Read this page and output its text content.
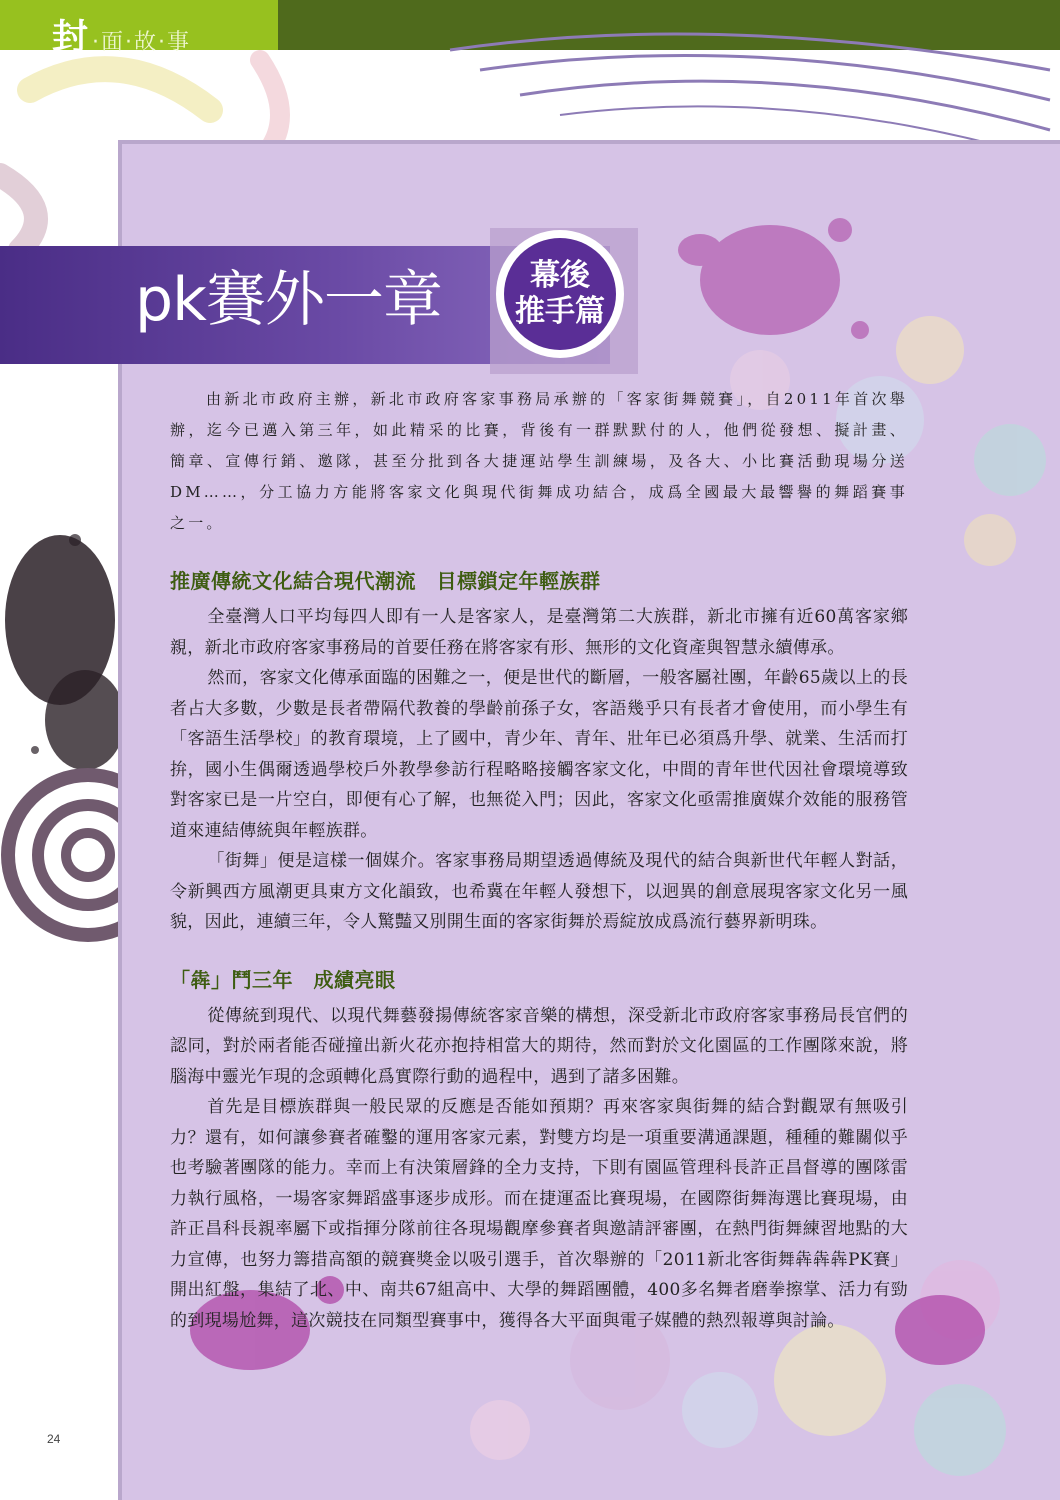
pk賽外一章	幕後
推手篇
封 ·面·故·事

由新北市政府主辦，新北市政府客家事務局承辦的「客家街舞競賽」，自2011年首次舉辦，迄今已邁入第三年，如此精采的比賽，背後有一群默默付的人，他們從發想、擬計畫、簡章、宣傳行銷、邀隊，甚至分批到各大捷運站學生訓練場，及各大、小比賽活動現場分送DM……，分工協力方能將客家文化與現代街舞成功結合，成爲全國最大最響譽的舞蹈賽事之一。

推廣傳統文化結合現代潮流　目標鎖定年輕族群

全臺灣人口平均每四人即有一人是客家人，是臺灣第二大族群，新北市擁有近60萬客家鄉親，新北市政府客家事務局的首要任務在將客家有形、無形的文化資產與智慧永續傳承。

然而，客家文化傳承面臨的困難之一，便是世代的斷層，一般客屬社團，年齡65歲以上的長者占大多數，少數是長者帶隔代教養的學齡前孫子女，客語幾乎只有長者才會使用，而小學生有「客語生活學校」的教育環境，上了國中，青少年、青年、壯年已必須爲升學、就業、生活而打拚，國小生偶爾透過學校戶外教學參訪行程略略接觸客家文化，中間的青年世代因社會環境導致對客家已是一片空白，即便有心了解，也無從入門；因此，客家文化亟需推廣媒介效能的服務管道來連結傳統與年輕族群。

「街舞」便是這樣一個媒介。客家事務局期望透過傳統及現代的結合與新世代年輕人對話，令新興西方風潮更具東方文化韻致，也希冀在年輕人發想下，以迥異的創意展現客家文化另一風貌，因此，連續三年，令人驚豔又別開生面的客家街舞於焉綻放成爲流行藝界新明珠。

「犇」鬥三年　成績亮眼

從傳統到現代、以現代舞藝發揚傳統客家音樂的構想，深受新北市政府客家事務局長官們的認同，對於兩者能否碰撞出新火花亦抱持相當大的期待，然而對於文化園區的工作團隊來說，將腦海中靈光乍現的念頭轉化爲實際行動的過程中，遇到了諸多困難。

首先是目標族群與一般民眾的反應是否能如預期？再來客家與街舞的結合對觀眾有無吸引力？還有，如何讓參賽者確鑿的運用客家元素，對雙方均是一項重要溝通課題，種種的難關似乎也考驗著團隊的能力。幸而上有決策層鋒的全力支持，下則有園區管理科長許正昌督導的團隊雷力執行風格，一場客家舞蹈盛事逐步成形。而在捷運盃比賽現場，在國際街舞海選比賽現場，由許正昌科長親率屬下或指揮分隊前往各現場觀摩參賽者與邀請評審團，在熱門街舞練習地點的大力宣傳，也努力籌措高額的競賽獎金以吸引選手，首次舉辦的「2011新北客街舞犇犇犇PK賽」開出紅盤，集結了北、中、南共67組高中、大學的舞蹈團體，400多名舞者磨拳擦掌、活力有勁的到現場尬舞，這次競技在同類型賽事中，獲得各大平面與電子媒體的熱烈報導與討論。

24
